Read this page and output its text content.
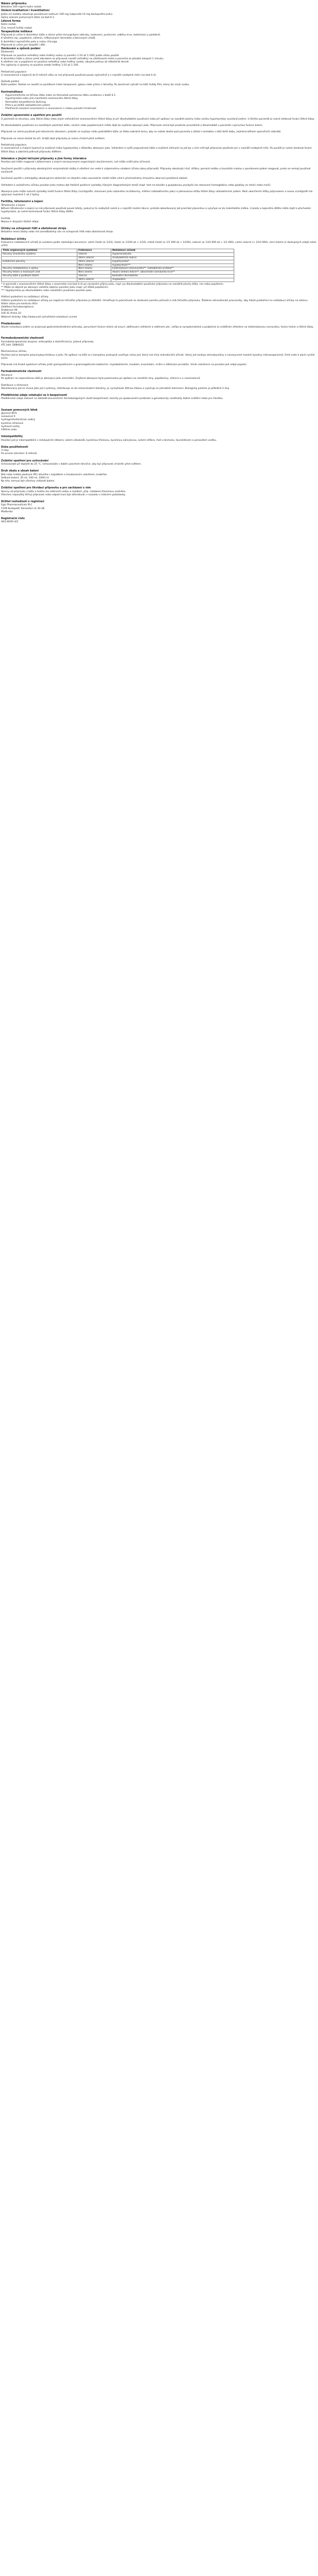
Název přípravku
Betadine 100 mg/ml kožní roztok
Složení kvalitativní i kvantitativní
Jeden ml roztoku obsahuje povidonum-iodinum 100 mg (odpovídá 10 mg dostupného jodu).
Úplný seznam pomocných látek viz bod 6.1.
Léková forma
Kožní roztok.
Čirý, tmavě hnědý roztok.
Terapeutické indikace
Přípravek je určen k dezinfekci kůže a sliznic před chirurgickými zákroky, injekcemi, punkcemi, odběry krve, katetrizací a podobně.
K ošetření ran, popálenin, odřenin, infikovaných dermatóz a bércových vředů.
K dezinfekci operačního pole a rukou chirurga.
Přípravek je určen pro dospělé i děti.
Dávkování a způsob podání
Dávkování
Přípravek se používá neředěný nebo ředěný vodou (v poměru 1:10 až 1:100) podle účelu použití.
K dezinfekci kůže a sliznic před zákrokem se přípravek nanáší neředěný na ošetřované místo a ponechá se působit alespoň 1 minutu.
K ošetření ran a popálenin se používá neředěný nebo ředěný roztok, obvykle jednou až několikrát denně.
Pro výplachy a oplachy se používá roztok ředěný 1:10 až 1:100.

Pediatrická populace
U novorozenců a kojenců do 6 měsíců věku se má přípravek používat pouze výjimečně a v nejnižší nezbytné míře (viz bod 4.4).

Způsob podání
Kožní podání. Roztok se nanáší na postižené místo tamponem, gázou nebo přímo z lahvičky. Po zaschnutí vytváří na kůži hnědý film, který lze smýt vodou.
Kontraindikace
- Hypersenzitivita na léčivou látku nebo na kteroukoli pomocnou látku uvedenou v bodě 6.1.
- Hypertyreóza nebo jiné manifestní onemocnění štítné žlázy.
- Dermatitis herpetiformis Duhring.
- Před a po léčbě radioaktivním jodem.
- Předčasně narození novorozenci a novorozenci s nízkou porodní hmotností.
Zvláštní upozornění a opatření pro použití
U pacientů se strumou, uzly štítné žlázy nebo jiným nefunkčním onemocněním štítné žlázy je při dlouhodobém používání nebo při aplikaci na rozsáhlé plochy riziko vzniku hypertyreózy vyvolané jodem. U těchto pacientů je nutné sledovat funkci štítné žlázy.

Po dlouhodobém používání na rozsáhlých plochách kůže, ranách nebo popáleninách může dojít ke zvýšené absorpci jodu. Přípravek nemá být používán pravidelně a dlouhodobě u pacientů s poruchou funkce ledvin.

Přípravek se nemá používat pod okluzivním obvazem, protože se zvyšuje riziko podráždění kůže. Je třeba zabránit tomu, aby se roztok dostal pod pacienta a zůstal v kontaktu s kůží delší dobu, zejména během operačních zákroků.

Přípravek se nemá dostat do očí. Vnější obal přípravku je nutno chránit před světlem.

Pediatrická populace
U novorozenců a malých kojenců je zvýšené riziko hypotyreózy v důsledku absorpce jodu. Vzhledem k vyšší propustnosti kůže a zvýšené citlivosti na jod by u nich měl být přípravek používán jen v nejnižší nezbytné míře. Po použití je nutné sledovat funkci štítné žlázy a zabránit polknutí přípravku dítětem.
Interakce s jinými léčivými přípravky a jiné formy interakce
Povidon-jod může reagovat s bílkovinami a jinými nenasycenými organickými sloučeninami, což může snížit jeho účinnost.

Současné použití s přípravky obsahujícími enzymatické složky k ošetření ran vede k vzájemnému oslabení účinku obou přípravků. Přípravky obsahující rtuť, stříbro, peroxid vodíku a taurolidin mohou s povidonem-jodem reagovat, proto se nemají používat současně.

Současné použití s antiseptiky obsahujícími oktenidin na stejném nebo sousedním místě může vést k přechodnému tmavému zbarvení postižené oblasti.

Vzhledem k oxidačnímu účinku povidon-jodu mohou být falešně pozitivní výsledky různých diagnostických testů (např. test na toluidin a guajakovou pryskyřici ke stanovení hemoglobinu nebo glukózy ve stolici nebo moči).

Absorpce jodu může ovlivnit výsledky testů funkce štítné žlázy (scintigrafie, stanovení jodu vázaného na bílkoviny, měření radioaktivního jodu) a plánovanou léčbu štítné žlázy radioaktivním jodem. Mezi ukončením léčby přípravkem a novou scintigrafií má uplynout nejméně 1 až 2 týdny.
Fertilita, těhotenství a kojení
Těhotenství a kojení
Během těhotenství a kojení se má přípravek používat pouze tehdy, pokud je to nezbytně nutné a v nejnižší možné dávce, protože absorbovaný jod prochází placentou a vylučuje se do mateřského mléka. U plodu a kojeného dítěte může dojít k přechodné hypotyreóze. Je nutné kontrolovat funkci štítné žlázy dítěte.

Fertilita
Nejsou k dispozici žádné údaje.
Účinky na schopnost řídit a obsluhovat stroje
Betadine nemá žádný nebo má zanedbatelný vliv na schopnost řídit nebo obsluhovat stroje.
Nežádoucí účinky
Frekvence nežádoucích účinků je uvedena podle následující konvence: velmi časté (≥ 1/10), časté (≥ 1/100 až < 1/10), méně časté (≥ 1/1 000 až < 1/100), vzácné (≥ 1/10 000 až < 1/1 000), velmi vzácné (< 1/10 000), není známo (z dostupných údajů nelze určit).
Třída orgánových systémů	Frekvence	Nežádoucí účinek
Poruchy imunitního systému	Vzácné	Hypersenzitivita
	Velmi vzácné	Anafylaktická reakce
Endokrinní poruchy	Velmi vzácné	Hypertyreóza*
	Není známo	Hypotyreóza***
Poruchy metabolismu a výživy	Není známo	Elektrolytová nerovnováha**, metabolická acidóza**
Poruchy ledvin a močových cest	Není známo	Akutní selhání ledvin**, abnormální osmolarita krve**
Poruchy kůže a podkožní tkáně	Vzácné	Kontaktní dermatitida
	Velmi vzácné	Angioedém
* U pacientů s onemocněním štítné žlázy v anamnéze (viz bod 4.4) po výrazném příjmu jodu, např. po dlouhodobém používání přípravku na rozsáhlé plochy kůže, ran nebo popálenin.
** Může se objevit po absorpci velkého objemu povidon-jodu (např. při léčbě popálenin).
*** Hypotyreóza po dlouhodobém nebo rozsáhlém používání povidon-jodu.

Hlášení podezření na nežádoucí účinky
Hlášení podezření na nežádoucí účinky po registraci léčivého přípravku je důležité. Umožňuje to pokračovat ve sledování poměru přínosů a rizik léčivého přípravku. Žádáme zdravotnické pracovníky, aby hlásili podezření na nežádoucí účinky na adresu:
Státní ústav pro kontrolu léčiv
Oddělení farmakovigilance
Šrobárova 48
100 41 Praha 10
Webové stránky: http://www.sukl.cz/nahlasit-nezadouci-ucinek
Předávkování
Akutní intoxikace jodem se projevuje gastrointestinálními příznaky, poruchami funkce ledvin až anurií, oběhovým selháním a edémem plic. Léčba je symptomatická a podpůrná se zvláštním zřetelem na elektrolytovou rovnováhu, funkci ledvin a štítné žlázy.
Farmakodynamické vlastnosti
Farmakoterapeutická skupina: antiseptika a dezinficiencia, jodové přípravky
ATC kód: D08AG02

Mechanismus účinku
Povidon-jod je komplex polyvinylpyrrolidonu a jodu. Po aplikaci na kůži se z komplexu postupně uvolňuje volný jod, který má silný mikrobicidní účinek. Volný jod oxiduje aminokyseliny a nenasycené mastné kyseliny mikroorganismů, čímž vede k jejich rychlé smrti.

Přípravek má široké spektrum účinku proti grampozitivním a gramnegativním bakteriím, mykobakteriím, houbám, kvasinkám, virům a některým prvokům. Vznik rezistence na povidon-jod nebyl popsán.
Farmakokinetické vlastnosti
Absorpce
Po aplikaci na neporušenou kůži je absorpce jodu minimální. Zvýšená absorpce byla pozorována po aplikaci na rozsáhlé rány, popáleniny, sliznice a u novorozenců.

Distribuce a eliminace
Absorbovaný jod se chová jako jod z potravy, distribuuje se do extracelulární tekutiny, je vychytáván štítnou žlázou a vylučuje se převážně ledvinami. Biologický poločas je přibližně 2 dny.
Předklinické údaje vztahující se k bezpečnosti
Předklinické údaje získané na základě konvenčních farmakologických studií bezpečnosti, toxicity po opakovaném podávání a genotoxicity neodhalily žádné zvláštní riziko pro člověka.
Seznam pomocných látek
glycerol 85%
nonoxinol 9
hydrogenfosforečnan sodný
kyselina citronová
hydroxid sodný
čištěná voda
Inkompatibility
Povidon-jod je inkompatibilní s redukujícími látkami, solemi alkaloidů, kyselinou tříslovou, kyselinou salicylovou, solemi stříbra, rtuti a bismutu, taurolidinem a peroxidem vodíku.
Doba použitelnosti
3 roky.
Po prvním otevření: 6 měsíců.
Zvláštní opatření pro uchovávání
Uchovávejte při teplotě do 25 °C. Uchovávejte v dobře uzavřené lahvičce, aby byl přípravek chráněn před světlem.
Druh obalu a obsah balení
Bílá nebo hnědá plastová (PE) lahvička s kapátkem a šroubovacím uzávěrem, krabička.
Velikost balení: 30 ml, 100 ml, 1000 ml.
Na trhu nemusí být všechny velikosti balení.
Zvláštní opatření pro likvidaci přípravku a pro zacházení s ním
Skvrny od přípravku z kůže a textilu lze odstranit vodou a mýdlem, příp. roztokem thiosíranu sodného.
Všechen nepoužitý léčivý přípravek nebo odpad musí být zlikvidován v souladu s místními požadavky.
Držitel rozhodnutí o registraci
Egis Pharmaceuticals PLC
1106 Budapešť, Keresztúri út 30-38
Maďarsko
Registrační číslo
46/136/91-S/C
